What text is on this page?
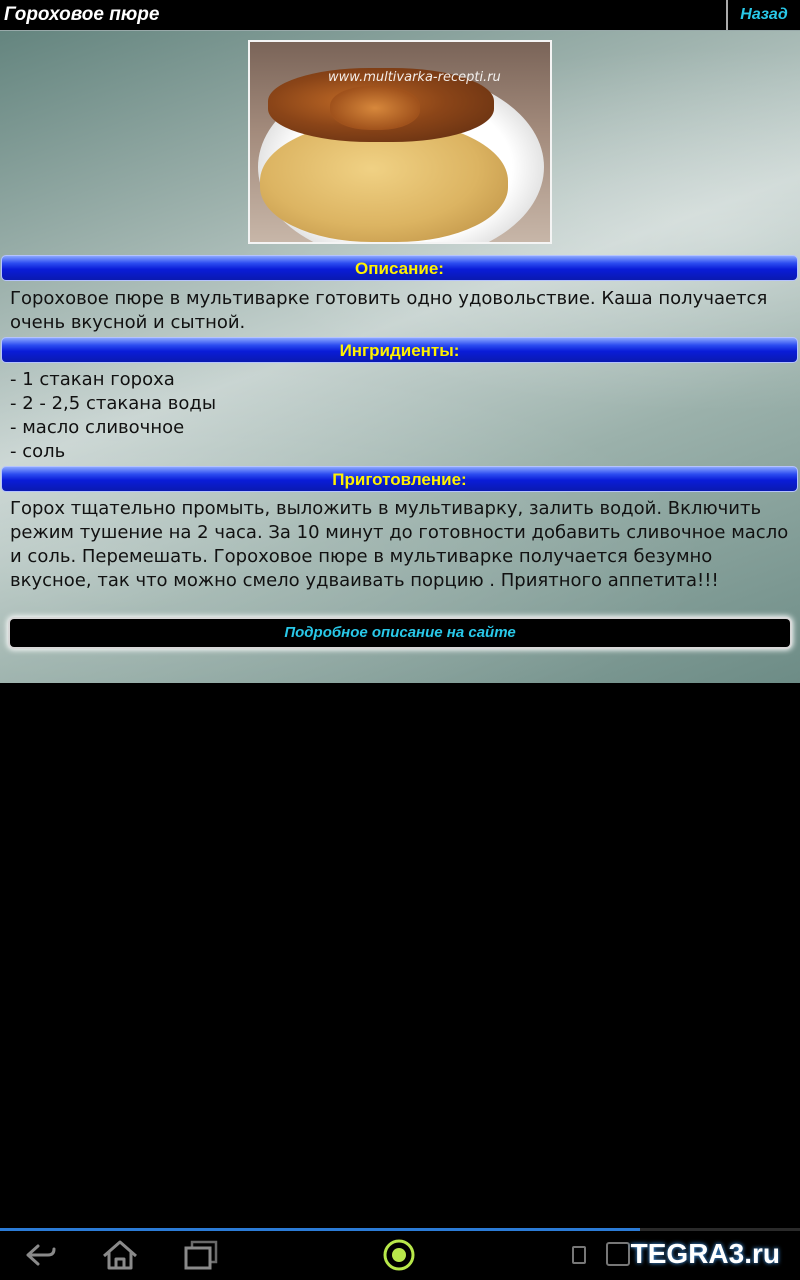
Гороховое пюре	Назад
www.multivarka-recepti.ru
Описание:
Гороховое пюре в мультиварке готовить одно удовольствие. Каша получается очень вкусной и сытной.
Ингридиенты:
- 1 стакан гороха
- 2 - 2,5 стакана воды
- масло сливочное
- соль
Приготовление:
Горох тщательно промыть, выложить в мультиварку, залить водой. Включить режим тушение на 2 часа. За 10 минут до готовности добавить сливочное масло и соль. Перемешать. Гороховое пюре в мультиварке получается безумно вкусное, так что можно смело удваивать порцию . Приятного аппетита!!!
Подробное описание на сайте
TEGRA3.ru
